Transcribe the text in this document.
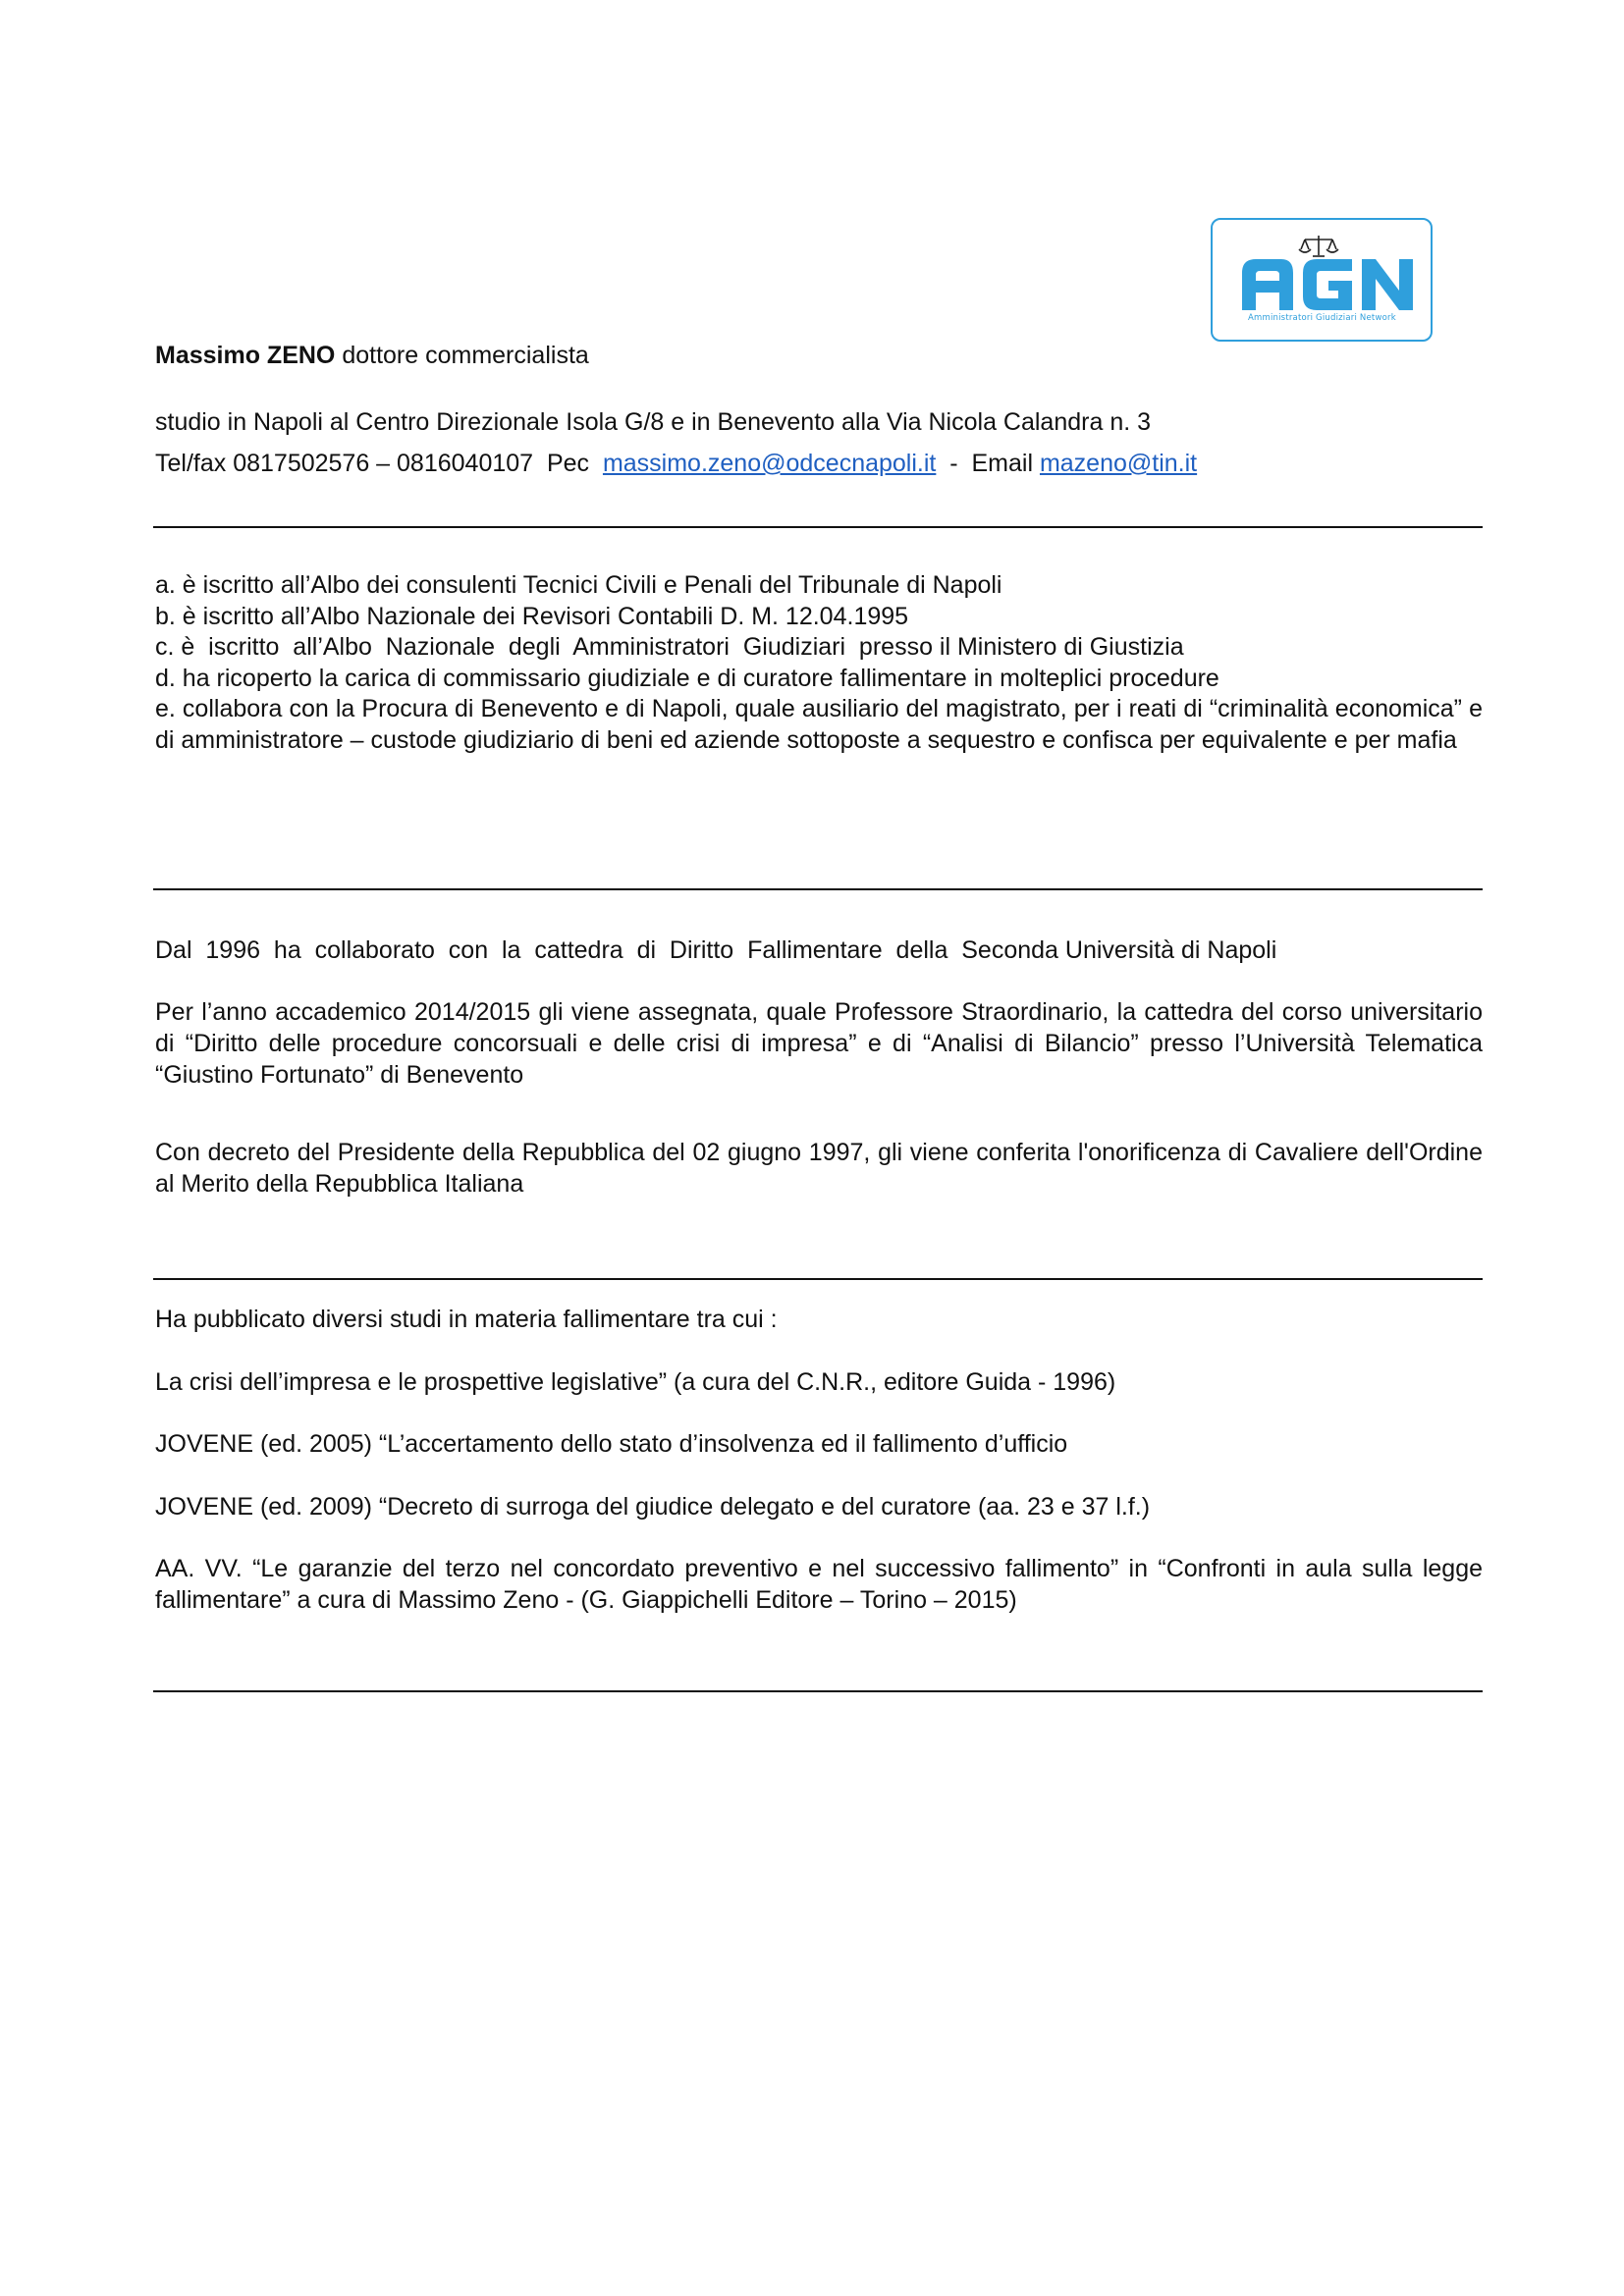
Amministratori Giudiziari Network
Massimo ZENO dottore commercialista
studio in Napoli al Centro Direzionale Isola G/8 e in Benevento alla Via Nicola Calandra n. 3
Tel/fax 0817502576 – 0816040107  Pec  massimo.zeno@odcecnapoli.it  -  Email mazeno@tin.it
a. è iscritto all’Albo dei consulenti Tecnici Civili e Penali del Tribunale di Napoli
b. è iscritto all’Albo Nazionale dei Revisori Contabili D. M. 12.04.1995
c. è  iscritto  all’Albo  Nazionale  degli  Amministratori  Giudiziari  presso il Ministero di Giustizia
d. ha ricoperto la carica di commissario giudiziale e di curatore fallimentare in molteplici procedure
e. collabora con la Procura di Benevento e di Napoli, quale ausiliario del magistrato, per i reati di “criminalità economica” e di amministratore – custode giudiziario di beni ed aziende sottoposte a sequestro e confisca per equivalente e per mafia
Dal  1996  ha  collaborato  con  la  cattedra  di  Diritto  Fallimentare  della  Seconda Università di Napoli
Per l’anno accademico 2014/2015 gli viene assegnata, quale Professore Straordinario, la cattedra del corso universitario di “Diritto delle procedure concorsuali e delle crisi di impresa” e di “Analisi di Bilancio” presso l’Università Telematica “Giustino Fortunato” di Benevento
Con decreto del Presidente della Repubblica del 02 giugno 1997, gli viene conferita l'onorificenza di Cavaliere dell'Ordine al Merito della Repubblica Italiana
Ha pubblicato diversi studi in materia fallimentare tra cui :
La crisi dell’impresa e le prospettive legislative” (a cura del C.N.R., editore Guida - 1996)
JOVENE (ed. 2005) “L’accertamento dello stato d’insolvenza ed il fallimento d’ufficio
JOVENE (ed. 2009) “Decreto di surroga del giudice delegato e del curatore (aa. 23 e 37 l.f.)
AA. VV. “Le garanzie del terzo nel concordato preventivo e nel successivo fallimento” in “Confronti in aula sulla legge fallimentare” a cura di Massimo Zeno - (G. Giappichelli Editore – Torino – 2015)
